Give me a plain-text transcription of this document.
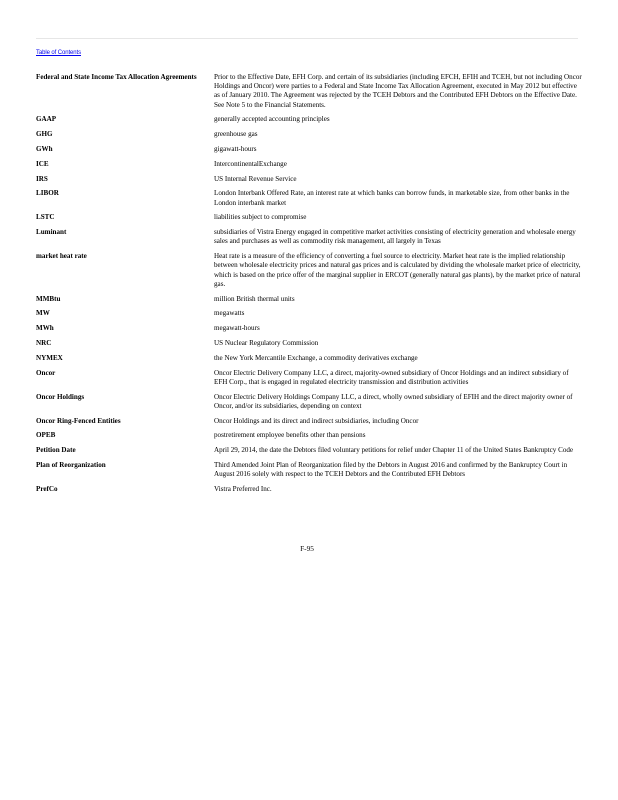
Table of Contents
Federal and State Income Tax Allocation Agreements	Prior to the Effective Date, EFH Corp. and certain of its subsidiaries (including EFCH, EFIH and TCEH, but not including Oncor Holdings and Oncor) were parties to a Federal and State Income Tax Allocation Agreement, executed in May 2012 but effective as of January 2010. The Agreement was rejected by the TCEH Debtors and the Contributed EFH Debtors on the Effective Date. See Note 5 to the Financial Statements.
GAAP	generally accepted accounting principles
GHG	greenhouse gas
GWh	gigawatt-hours
ICE	IntercontinentalExchange
IRS	US Internal Revenue Service
LIBOR	London Interbank Offered Rate, an interest rate at which banks can borrow funds, in marketable size, from other banks in the London interbank market
LSTC	liabilities subject to compromise
Luminant	subsidiaries of Vistra Energy engaged in competitive market activities consisting of electricity generation and wholesale energy sales and purchases as well as commodity risk management, all largely in Texas
market heat rate	Heat rate is a measure of the efficiency of converting a fuel source to electricity. Market heat rate is the implied relationship between wholesale electricity prices and natural gas prices and is calculated by dividing the wholesale market price of electricity, which is based on the price offer of the marginal supplier in ERCOT (generally natural gas plants), by the market price of natural gas.
MMBtu	million British thermal units
MW	megawatts
MWh	megawatt-hours
NRC	US Nuclear Regulatory Commission
NYMEX	the New York Mercantile Exchange, a commodity derivatives exchange
Oncor	Oncor Electric Delivery Company LLC, a direct, majority-owned subsidiary of Oncor Holdings and an indirect subsidiary of EFH Corp., that is engaged in regulated electricity transmission and distribution activities
Oncor Holdings	Oncor Electric Delivery Holdings Company LLC, a direct, wholly owned subsidiary of EFIH and the direct majority owner of Oncor, and/or its subsidiaries, depending on context
Oncor Ring-Fenced Entities	Oncor Holdings and its direct and indirect subsidiaries, including Oncor
OPEB	postretirement employee benefits other than pensions
Petition Date	April 29, 2014, the date the Debtors filed voluntary petitions for relief under Chapter 11 of the United States Bankruptcy Code
Plan of Reorganization	Third Amended Joint Plan of Reorganization filed by the Debtors in August 2016 and confirmed by the Bankruptcy Court in August 2016 solely with respect to the TCEH Debtors and the Contributed EFH Debtors
PrefCo	Vistra Preferred Inc.
F-95
